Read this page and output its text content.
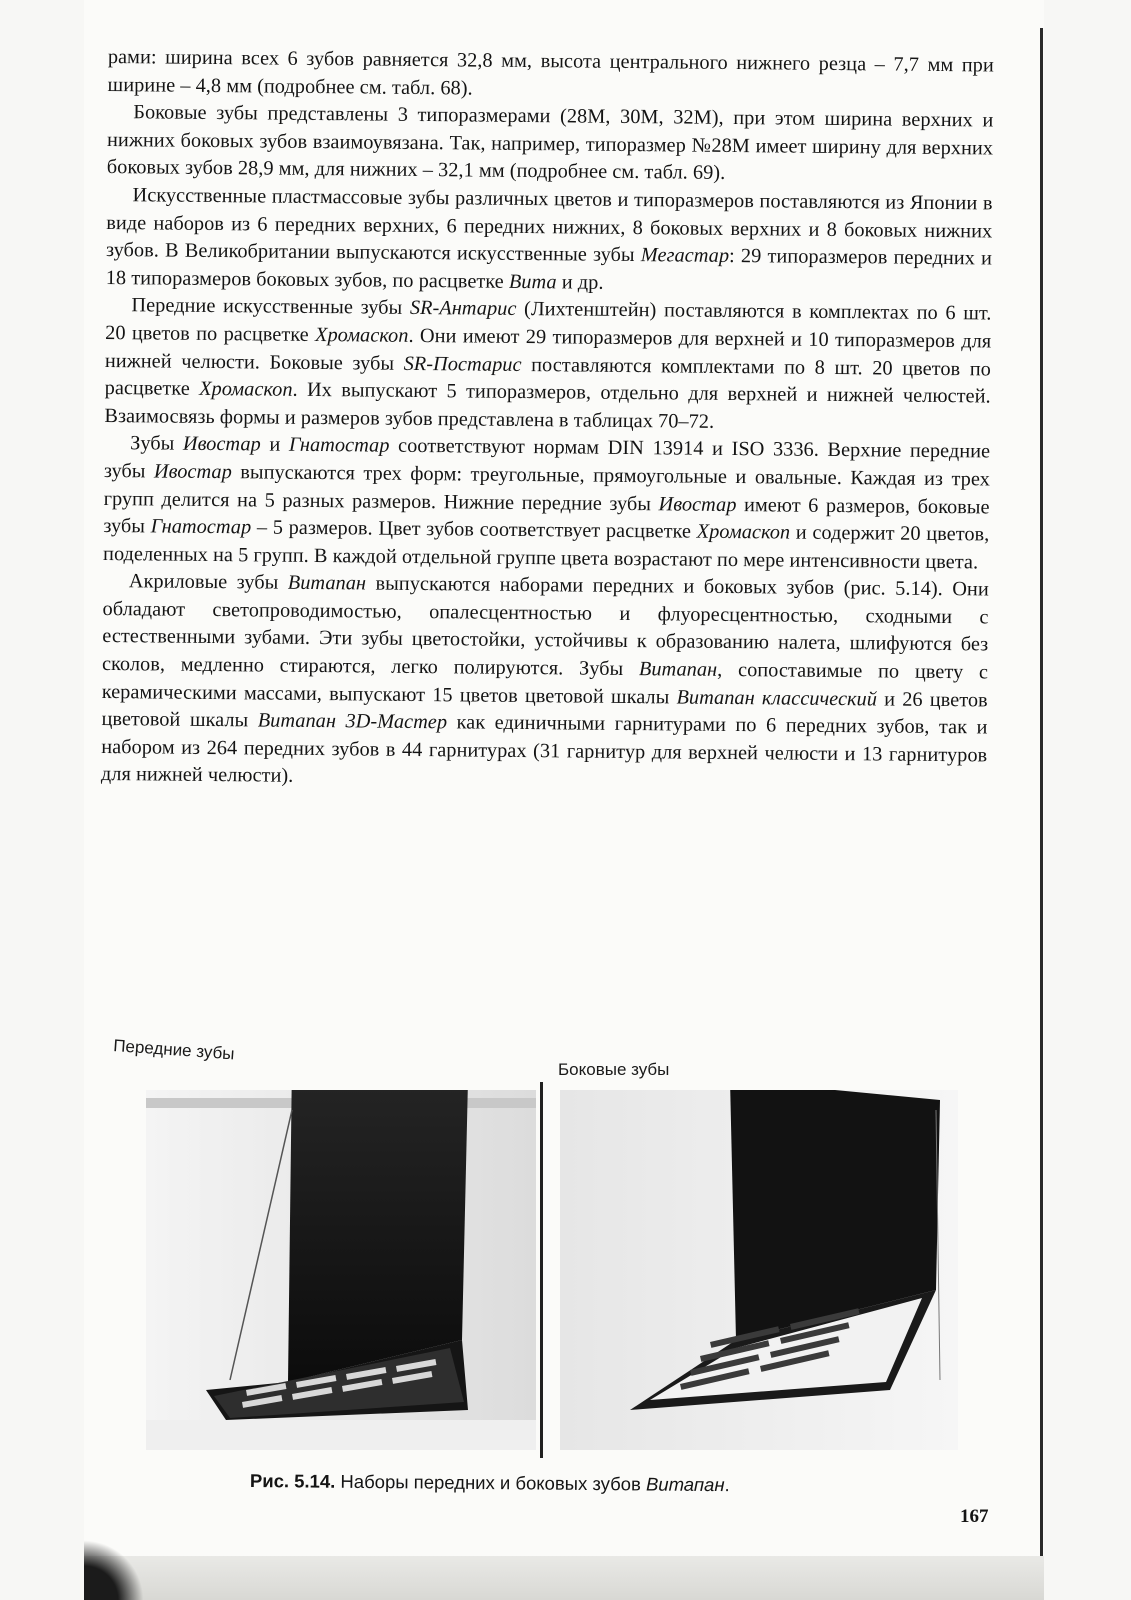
рами: ширина всех 6 зубов равняется 32,8 мм, высота центрального нижнего резца – 7,7 мм при ширине – 4,8 мм (подробнее см. табл. 68).

Боковые зубы представлены 3 типоразмерами (28М, 30М, 32М), при этом ширина верхних и нижних боковых зубов взаимоувязана. Так, например, типоразмер №28М имеет ширину для верхних боковых зубов 28,9 мм, для нижних – 32,1 мм (подробнее см. табл. 69).

Искусственные пластмассовые зубы различных цветов и типоразмеров поставляются из Японии в виде наборов из 6 передних верхних, 6 передних нижних, 8 боковых верхних и 8 боковых нижних зубов. В Великобритании выпускаются искусственные зубы Мегастар: 29 типоразмеров передних и 18 типоразмеров боковых зубов, по расцветке Вита и др.

Передние искусственные зубы SR-Антарис (Лихтенштейн) поставляются в комплектах по 6 шт. 20 цветов по расцветке Хромаскоп. Они имеют 29 типоразмеров для верхней и 10 типоразмеров для нижней челюсти. Боковые зубы SR-Постарис поставляются комплектами по 8 шт. 20 цветов по расцветке Хромаскоп. Их выпускают 5 типоразмеров, отдельно для верхней и нижней челюстей. Взаимосвязь формы и размеров зубов представлена в таблицах 70–72.

Зубы Ивостар и Гнатостар соответствуют нормам DIN 13914 и ISO 3336. Верхние передние зубы Ивостар выпускаются трех форм: треугольные, прямоугольные и овальные. Каждая из трех групп делится на 5 разных размеров. Нижние передние зубы Ивостар имеют 6 размеров, боковые зубы Гнатостар – 5 размеров. Цвет зубов соответствует расцветке Хромаскоп и содержит 20 цветов, поделенных на 5 групп. В каждой отдельной группе цвета возрастают по мере интенсивности цвета.

Акриловые зубы Витапан выпускаются наборами передних и боковых зубов (рис. 5.14). Они обладают светопроводимостью, опалесцентностью и флуоресцентностью, сходными с естественными зубами. Эти зубы цветостойки, устойчивы к образованию налета, шлифуются без сколов, медленно стираются, легко полируются. Зубы Витапан, сопоставимые по цвету с керамическими массами, выпускают 15 цветов цветовой шкалы Витапан классический и 26 цветов цветовой шкалы Витапан 3D-Мастер как единичными гарнитурами по 6 передних зубов, так и набором из 264 передних зубов в 44 гарнитурах (31 гарнитур для верхней челюсти и 13 гарнитуров для нижней челюсти).

Передние зубы
Боковые зубы
Рис. 5.14. Наборы передних и боковых зубов Витапан.
167
